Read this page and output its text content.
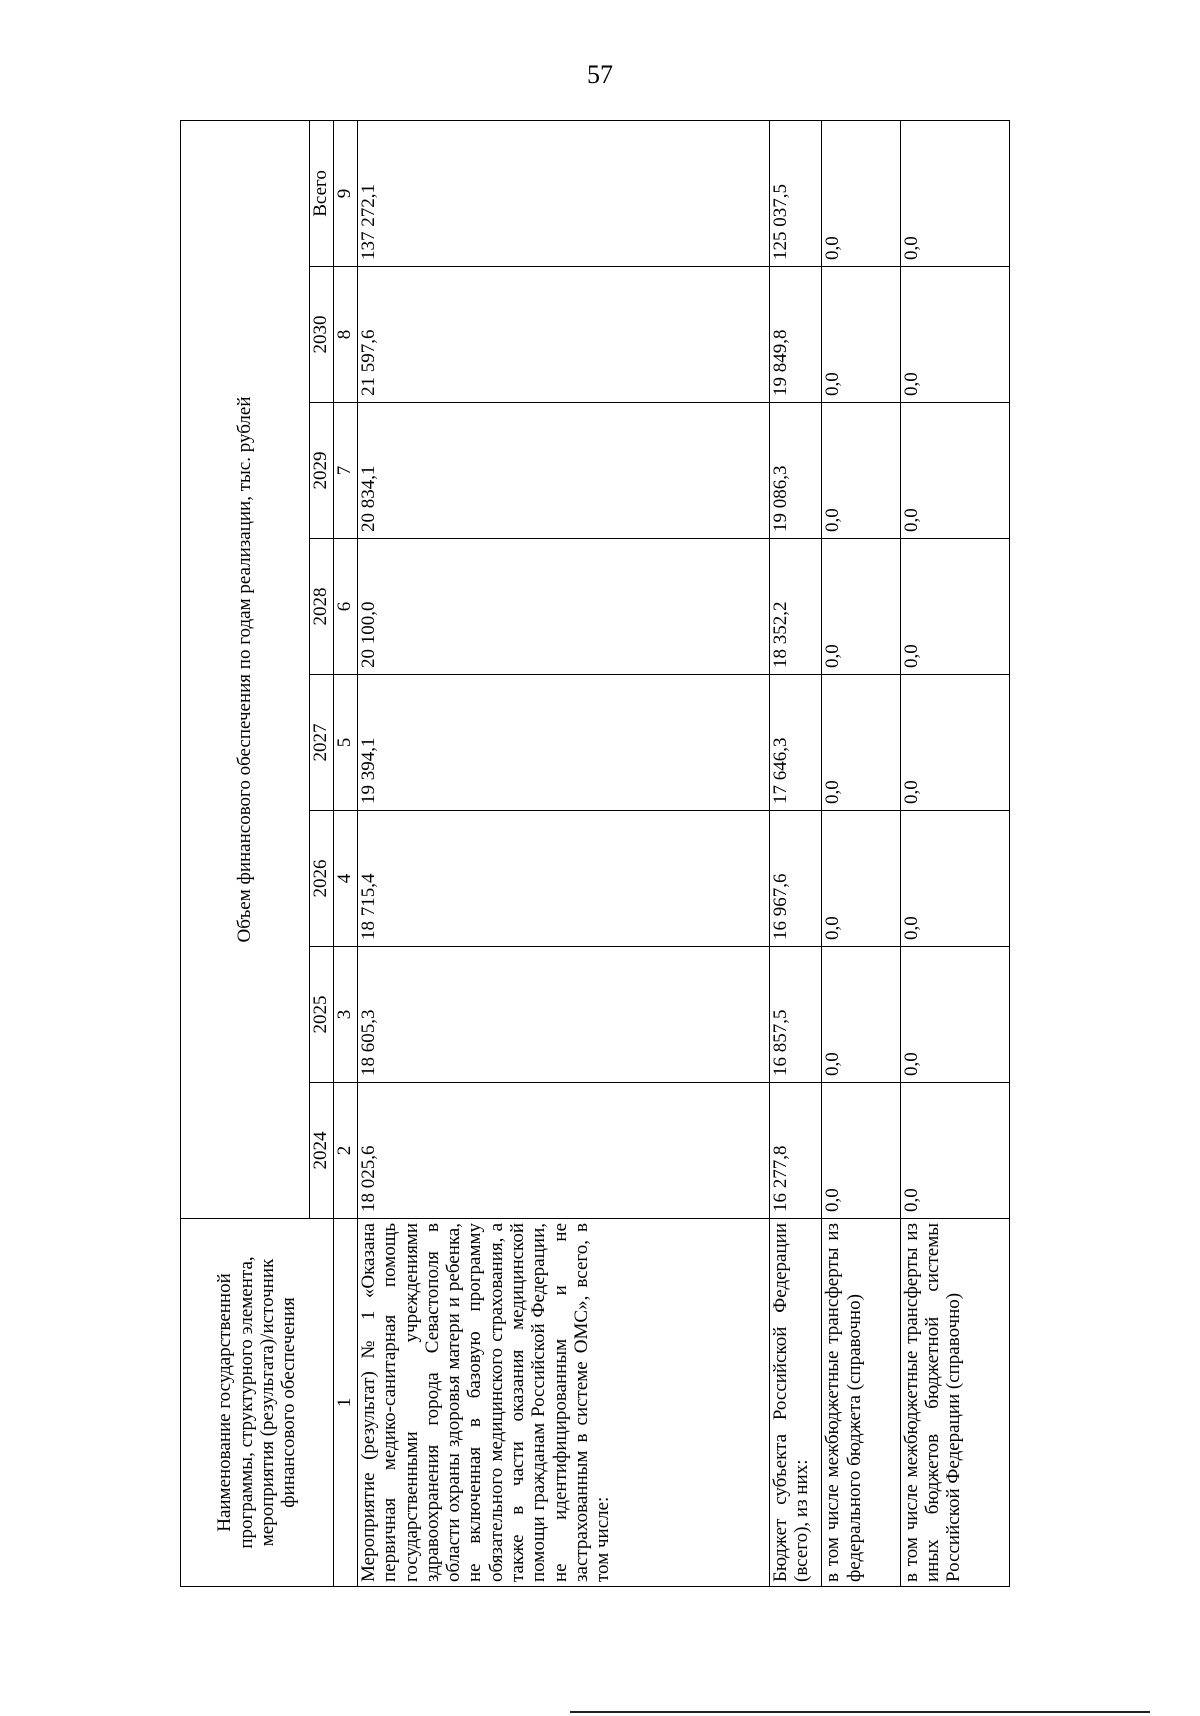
57
Наименование государственной программы, структурного элемента, мероприятия (результата)/источник финансового обеспечения	Объем финансового обеспечения по годам реализации, тыс. рублей							
	2024	2025	2026	2027	2028	2029	2030	Всего
1	2	3	4	5	6	7	8	9
Мероприятие (результат) № 1 «Оказана первичная медико-санитарная помощь государственными учреждениями здравоохранения города Севастополя в области охраны здоровья матери и ребенка, не включенная в базовую программу обязательного медицинского страхования, а также в части оказания медицинской помощи гражданам Российской Федерации, не идентифицированным и не застрахованным в системе ОМС», всего, в том числе:	18 025,6	18 605,3	18 715,4	19 394,1	20 100,0	20 834,1	21 597,6	137 272,1
Бюджет субъекта Российской Федерации (всего), из них:	16 277,8	16 857,5	16 967,6	17 646,3	18 352,2	19 086,3	19 849,8	125 037,5
в том числе межбюджетные трансферты из федерального бюджета (справочно)	0,0	0,0	0,0	0,0	0,0	0,0	0,0	0,0
в том числе межбюджетные трансферты из иных бюджетов бюджетной системы Российской Федерации (справочно)	0,0	0,0	0,0	0,0	0,0	0,0	0,0	0,0
